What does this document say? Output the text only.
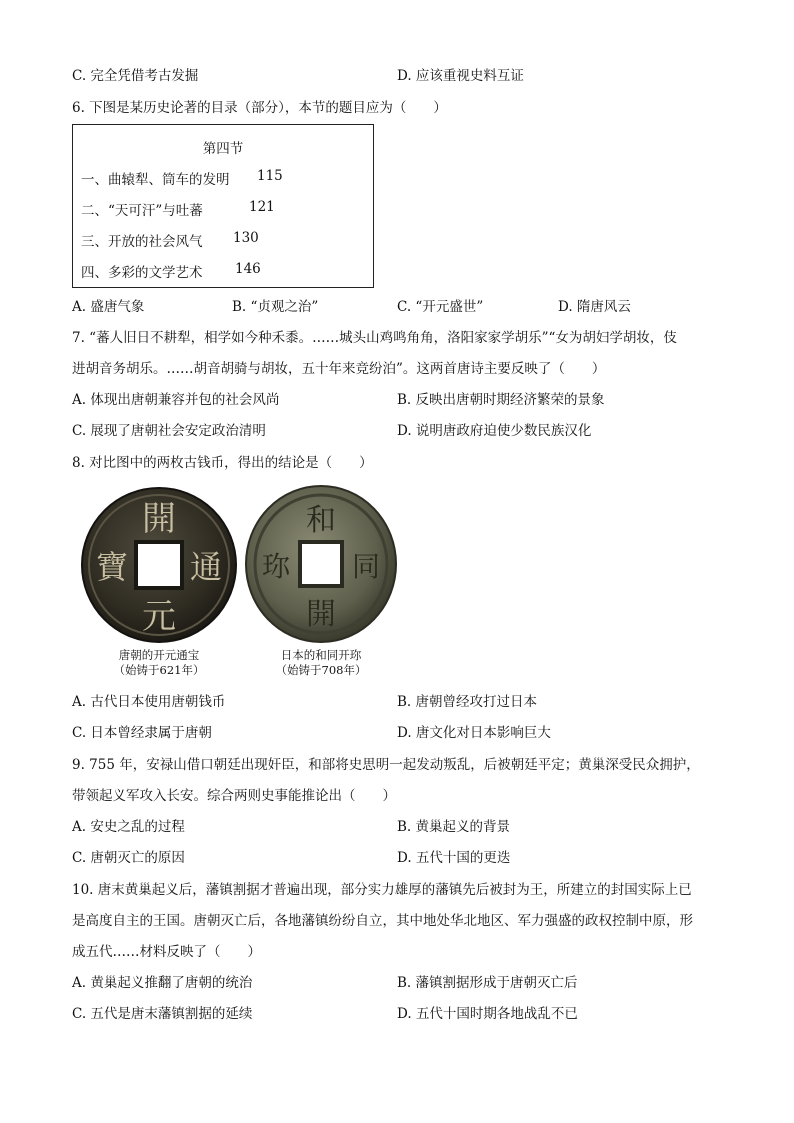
C. 完全凭借考古发掘	D. 应该重视史料互证
6. 下图是某历史论著的目录（部分），本节的题目应为（　　）
第四节
一、曲辕犁、筒车的发明 115
二、“天可汗”与吐蕃	121
三、开放的社会风气 130
四、多彩的文学艺术 146
A. 盛唐气象	B. “贞观之治”	C. “开元盛世”	D. 隋唐风云
7. “蕃人旧日不耕犁，相学如今种禾黍。……城头山鸡鸣角角，洛阳家家学胡乐”“女为胡妇学胡妆，伎
进胡音务胡乐。……胡音胡骑与胡妆，五十年来竞纷泊”。这两首唐诗主要反映了（　　）
A. 体现出唐朝兼容并包的社会风尚	B. 反映出唐朝时期经济繁荣的景象
C. 展现了唐朝社会安定政治清明	D. 说明唐政府迫使少数民族汉化
8. 对比图中的两枚古钱币，得出的结论是（　　）
開
元
寶 通
唐朝的开元通宝
（始铸于621年）
和
開
珎 同
日本的和同开珎
（始铸于708年）
A. 古代日本使用唐朝钱币	B. 唐朝曾经攻打过日本
C. 日本曾经隶属于唐朝	D. 唐文化对日本影响巨大
9. 755 年，安禄山借口朝廷出现奸臣，和部将史思明一起发动叛乱，后被朝廷平定；黄巢深受民众拥护，
带领起义军攻入长安。综合两则史事能推论出（　　）
A. 安史之乱的过程	B. 黄巢起义的背景
C. 唐朝灭亡的原因	D. 五代十国的更迭
10. 唐末黄巢起义后，藩镇割据才普遍出现，部分实力雄厚的藩镇先后被封为王，所建立的封国实际上已
是高度自主的王国。唐朝灭亡后，各地藩镇纷纷自立，其中地处华北地区、军力强盛的政权控制中原，形
成五代……材料反映了（　　）
A. 黄巢起义推翻了唐朝的统治	B. 藩镇割据形成于唐朝灭亡后
C. 五代是唐末藩镇割据的延续	D. 五代十国时期各地战乱不已
